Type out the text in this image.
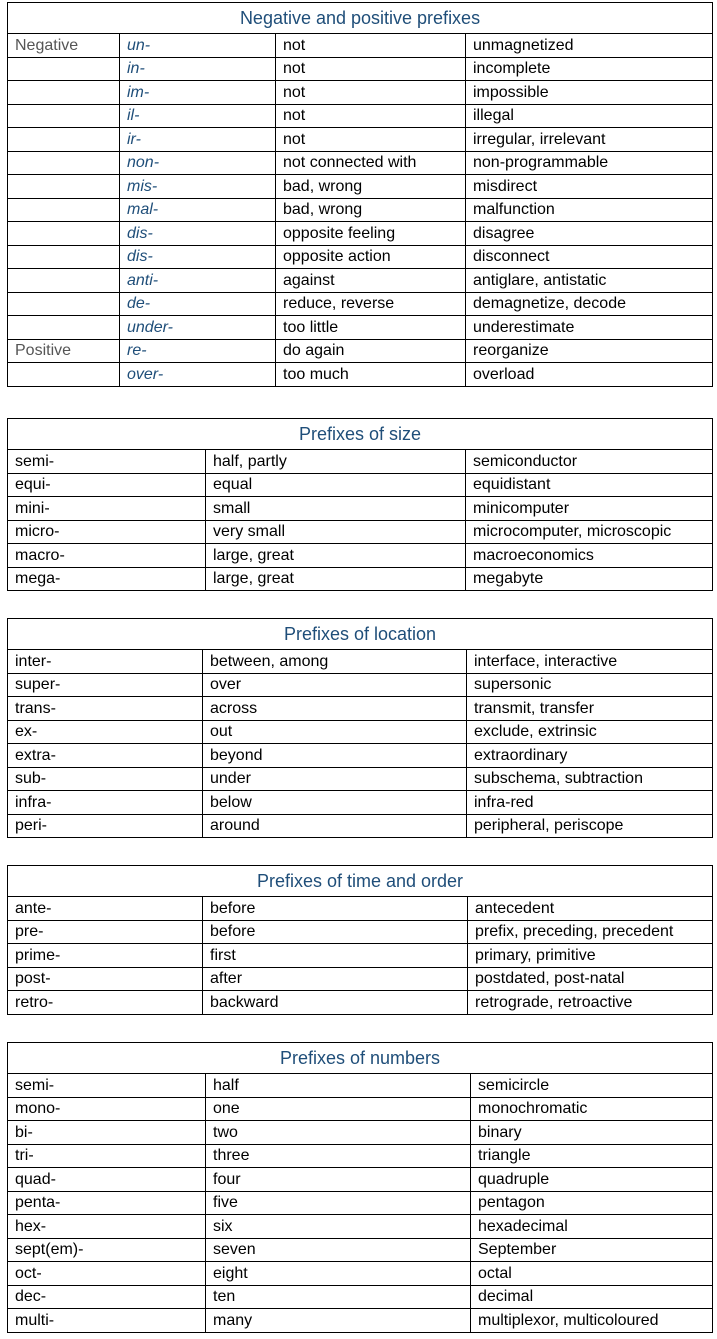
Negative and positive prefixes			
Negative	un-	not	unmagnetized
	in-	not	incomplete
	im-	not	impossible
	il-	not	illegal
	ir-	not	irregular, irrelevant
	non-	not connected with	non-programmable
	mis-	bad, wrong	misdirect
	mal-	bad, wrong	malfunction
	dis-	opposite feeling	disagree
	dis-	opposite action	disconnect
	anti-	against	antiglare, antistatic
	de-	reduce, reverse	demagnetize, decode
	under-	too little	underestimate
Positive	re-	do again	reorganize
	over-	too much	overload
Prefixes of size		
semi-	half, partly	semiconductor
equi-	equal	equidistant
mini-	small	minicomputer
micro-	very small	microcomputer, microscopic
macro-	large, great	macroeconomics
mega-	large, great	megabyte
Prefixes of location		
inter-	between, among	interface, interactive
super-	over	supersonic
trans-	across	transmit, transfer
ex-	out	exclude, extrinsic
extra-	beyond	extraordinary
sub-	under	subschema, subtraction
infra-	below	infra-red
peri-	around	peripheral, periscope
Prefixes of time and order		
ante-	before	antecedent
pre-	before	prefix, preceding, precedent
prime-	first	primary, primitive
post-	after	postdated, post-natal
retro-	backward	retrograde, retroactive
Prefixes of numbers		
semi-	half	semicircle
mono-	one	monochromatic
bi-	two	binary
tri-	three	triangle
quad-	four	quadruple
penta-	five	pentagon
hex-	six	hexadecimal
sept(em)-	seven	September
oct-	eight	octal
dec-	ten	decimal
multi-	many	multiplexor, multicoloured
